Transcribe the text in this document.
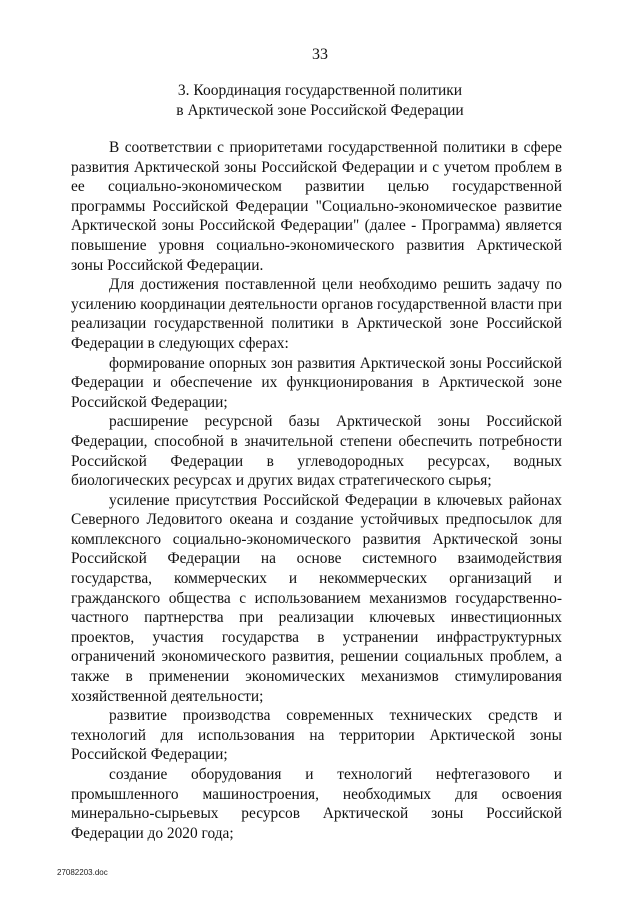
33
3. Координация государственной политики
в Арктической зоне Российской Федерации

В соответствии с приоритетами государственной политики в сфере развития Арктической зоны Российской Федерации и с учетом проблем в ее социально-экономическом развитии целью государственной программы Российской Федерации "Социально-экономическое развитие Арктической зоны Российской Федерации" (далее - Программа) является повышение уровня социально-экономического развития Арктической зоны Российской Федерации.

Для достижения поставленной цели необходимо решить задачу по усилению координации деятельности органов государственной власти при реализации государственной политики в Арктической зоне Российской Федерации в следующих сферах:

формирование опорных зон развития Арктической зоны Российской Федерации и обеспечение их функционирования в Арктической зоне Российской Федерации;

расширение ресурсной базы Арктической зоны Российской Федерации, способной в значительной степени обеспечить потребности Российской Федерации в углеводородных ресурсах, водных биологических ресурсах и других видах стратегического сырья;

усиление присутствия Российской Федерации в ключевых районах Северного Ледовитого океана и создание устойчивых предпосылок для комплексного социально-экономического развития Арктической зоны Российской Федерации на основе системного взаимодействия государства, коммерческих и некоммерческих организаций и гражданского общества с использованием механизмов государственно-частного партнерства при реализации ключевых инвестиционных проектов, участия государства в устранении инфраструктурных ограничений экономического развития, решении социальных проблем, а также в применении экономических механизмов стимулирования хозяйственной деятельности;

развитие производства современных технических средств и технологий для использования на территории Арктической зоны Российской Федерации;

создание оборудования и технологий нефтегазового и промышленного машиностроения, необходимых для освоения минерально-сырьевых ресурсов Арктической зоны Российской Федерации до 2020 года;

27082203.doc
